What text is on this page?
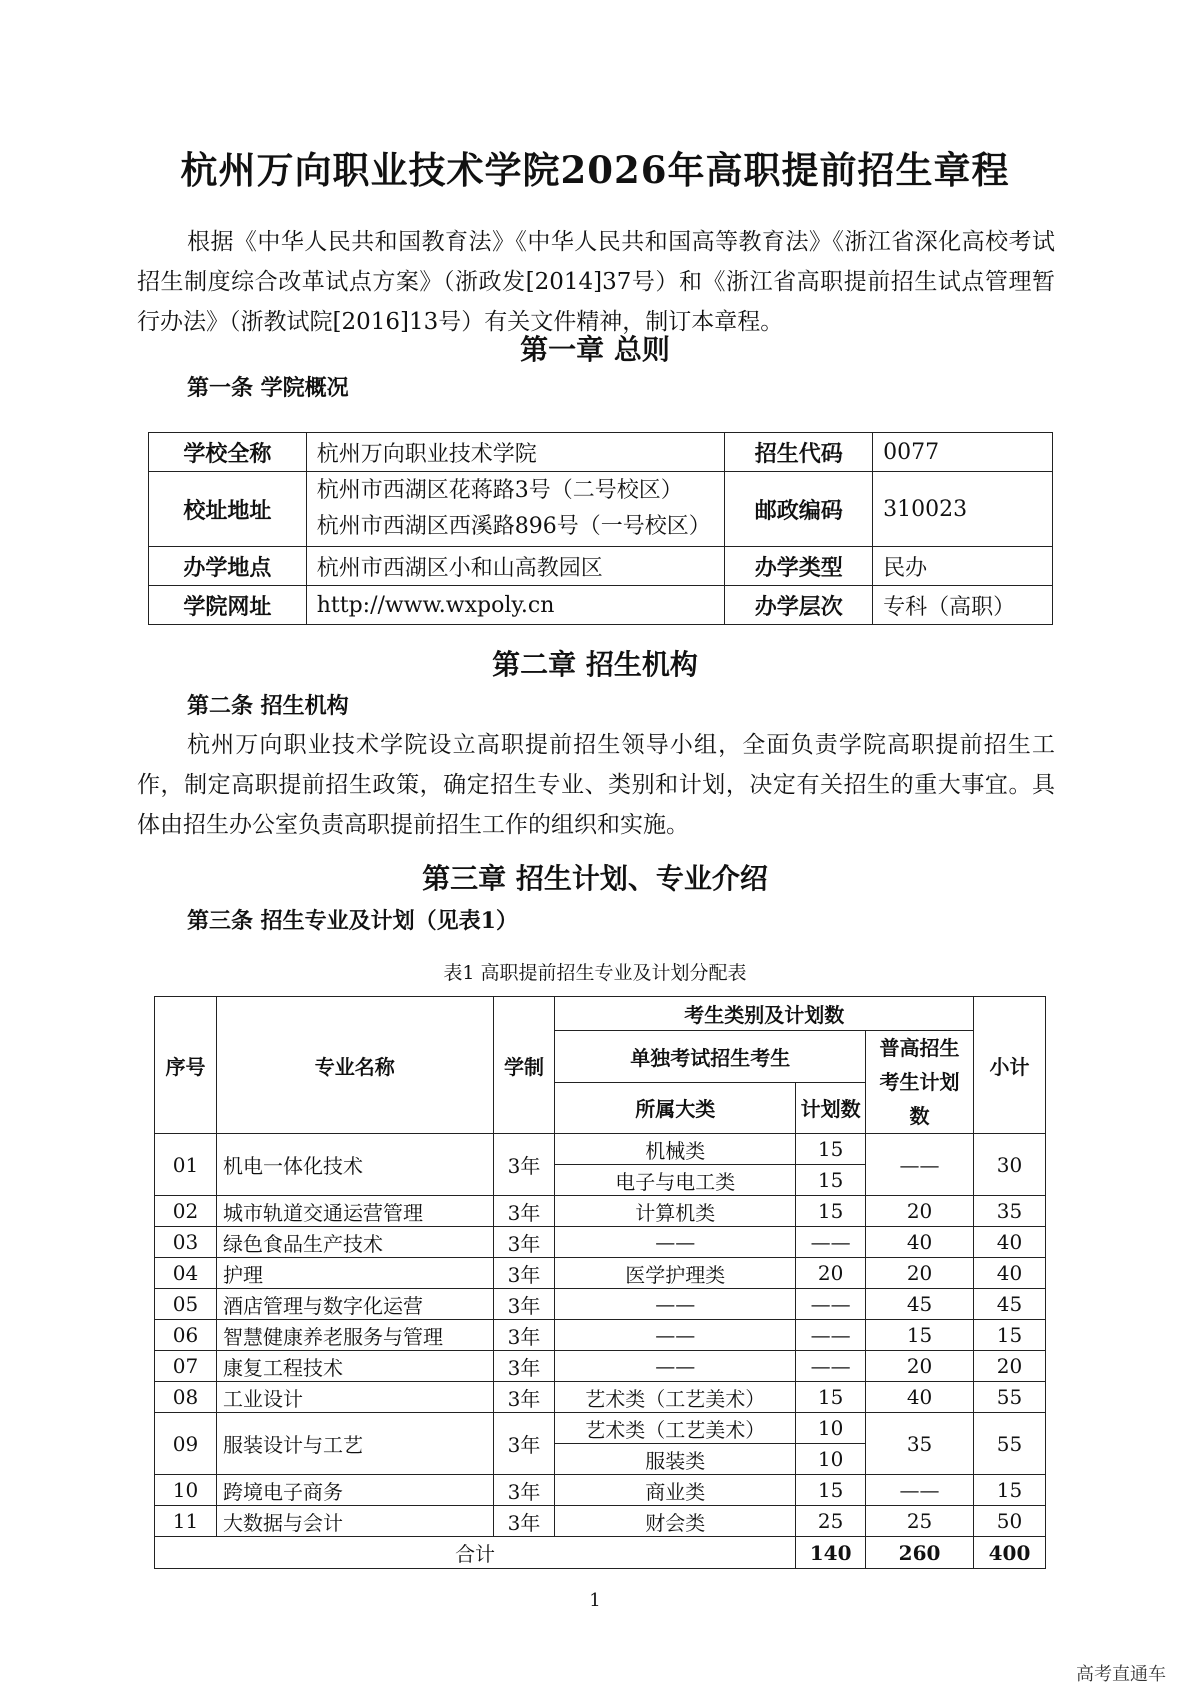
杭州万向职业技术学院2026年高职提前招生章程
根据《中华人民共和国教育法》《中华人民共和国高等教育法》《浙江省深化高校考试招生制度综合改革试点方案》（浙政发[2014]37号）和《浙江省高职提前招生试点管理暂行办法》（浙教试院[2016]13号）有关文件精神，制订本章程。
第一章 总则
第一条 学院概况
学校全称	杭州万向职业技术学院	招生代码	0077
校址地址	杭州市西湖区花蒋路3号（二号校区）
杭州市西湖区西溪路896号（一号校区）	邮政编码	310023
办学地点	杭州市西湖区小和山高教园区	办学类型	民办
学院网址	http://www.wxpoly.cn	办学层次	专科（高职）
第二章 招生机构
第二条 招生机构
杭州万向职业技术学院设立高职提前招生领导小组，全面负责学院高职提前招生工作，制定高职提前招生政策，确定招生专业、类别和计划，决定有关招生的重大事宜。具体由招生办公室负责高职提前招生工作的组织和实施。
第三章 招生计划、专业介绍
第三条 招生专业及计划（见表1）
表1 高职提前招生专业及计划分配表
序号	专业名称	学制	考生类别及计划数			小计
			单独考试招生考生		普高招生考生计划数	
			所属大类	计划数		
01	机电一体化技术	3年	机械类	15	——	30
			电子与电工类	15		
02	城市轨道交通运营管理	3年	计算机类	15	20	35
03	绿色食品生产技术	3年	——	——	40	40
04	护理	3年	医学护理类	20	20	40
05	酒店管理与数字化运营	3年	——	——	45	45
06	智慧健康养老服务与管理	3年	——	——	15	15
07	康复工程技术	3年	——	——	20	20
08	工业设计	3年	艺术类（工艺美术）	15	40	55
09	服装设计与工艺	3年	艺术类（工艺美术）	10	35	55
			服装类	10		
10	跨境电子商务	3年	商业类	15	——	15
11	大数据与会计	3年	财会类	25	25	50
合计				140	260	400
1
高考直通车
